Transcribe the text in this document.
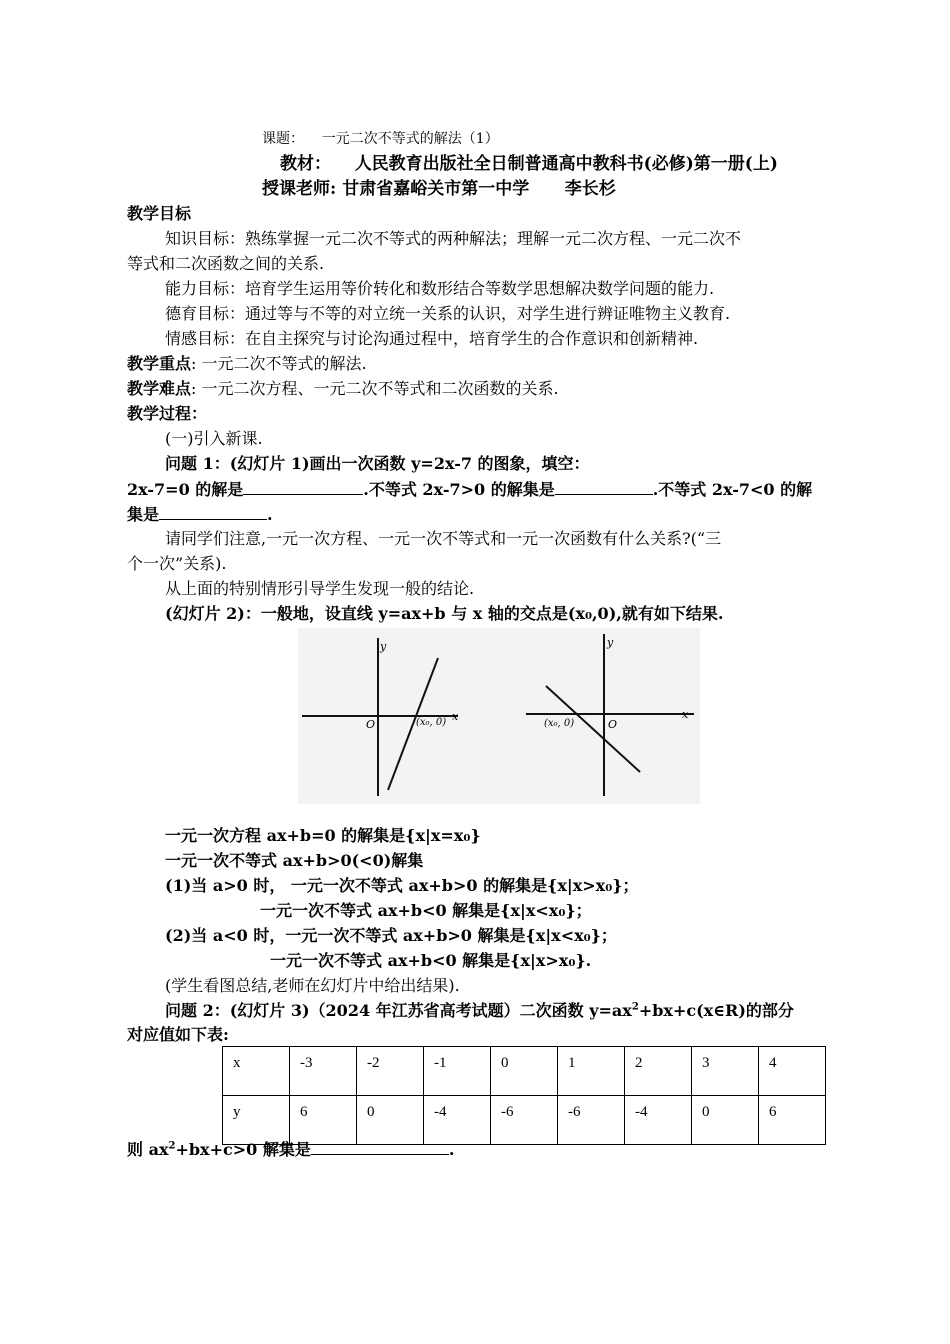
课题： 一元二次不等式的解法（1）
教材： 人民教育出版社全日制普通高中教科书(必修)第一册(上)
授课老师: 甘肃省嘉峪关市第一中学 李长杉
教学目标
知识目标：熟练掌握一元二次不等式的两种解法；理解一元二次方程、一元二次不
等式和二次函数之间的关系.
能力目标：培育学生运用等价转化和数形结合等数学思想解决数学问题的能力.
德育目标：通过等与不等的对立统一关系的认识，对学生进行辨证唯物主义教育.
情感目标：在自主探究与讨论沟通过程中，培育学生的合作意识和创新精神.
教学重点: 一元二次不等式的解法.
教学难点: 一元二次方程、一元二次不等式和二次函数的关系.
教学过程：
(一)引入新课.
问题 1：(幻灯片 1)画出一次函数 y=2x-7 的图象，填空：
2x-7=0 的解是	.不等式 2x-7>0 的解集是	.不等式 2x-7<0 的解
集是	.
请同学们注意,一元一次方程、一元一次不等式和一元一次函数有什么关系?(“三
个一次”关系).
从上面的特别情形引导学生发现一般的结论.
(幻灯片 2)：一般地，设直线 y=ax+b 与 x 轴的交点是(x₀,0),就有如下结果.
y
O	(x₀, 0) x
y
O
(x₀, 0)
x
一元一次方程 ax+b=0 的解集是{x|x=x₀}
一元一次不等式 ax+b>0(<0)解集
(1)当 a>0 时， 一元一次不等式 ax+b>0 的解集是{x|x>x₀}；
一元一次不等式 ax+b<0 解集是{x|x<x₀}；
(2)当 a<0 时，一元一次不等式 ax+b>0 解集是{x|x<x₀}；
一元一次不等式 ax+b<0 解集是{x|x>x₀}.
(学生看图总结,老师在幻灯片中给出结果).
问题 2：(幻灯片 3)（2024 年江苏省高考试题）二次函数 $y=ax^2+bx+c(x\in R)$的部分
对应值如下表:
x	-3	-2	-1	0	1	2	3	4
y	6	0	-4	-6	-6	-4	0	6
则 $ax^2+bx+c>0$ 解集是	.
